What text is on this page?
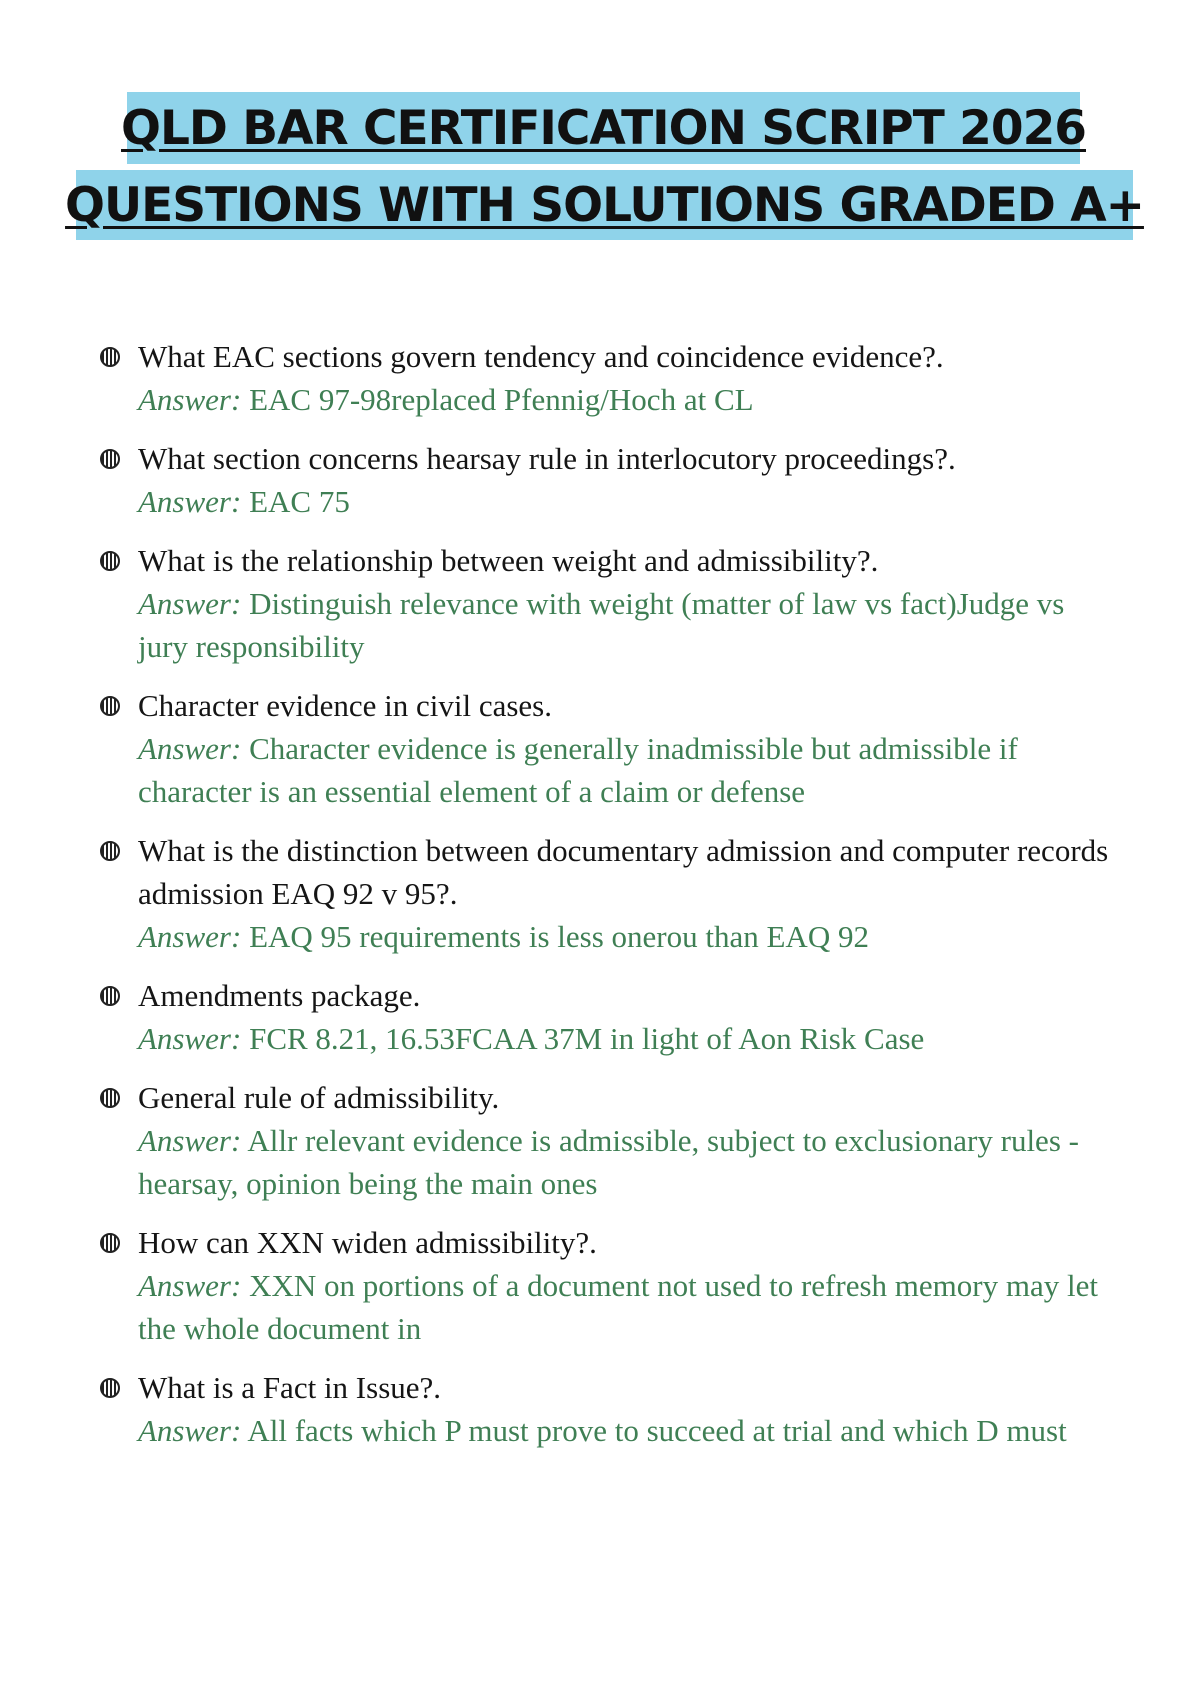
QLD BAR CERTIFICATION SCRIPT 2026
QUESTIONS WITH SOLUTIONS GRADED A+
What EAC sections govern tendency and coincidence evidence?.
Answer: EAC 97-98replaced Pfennig/Hoch at CL
What section concerns hearsay rule in interlocutory proceedings?.
Answer: EAC 75
What is the relationship between weight and admissibility?.
Answer: Distinguish relevance with weight (matter of law vs fact)Judge vs jury responsibility
Character evidence in civil cases.
Answer: Character evidence is generally inadmissible but admissible if character is an essential element of a claim or defense
What is the distinction between documentary admission and computer records admission EAQ 92 v 95?.
Answer: EAQ 95 requirements is less onerou than EAQ 92
Amendments package.
Answer: FCR 8.21, 16.53FCAA 37M in light of Aon Risk Case
General rule of admissibility.
Answer: Allr relevant evidence is admissible, subject to exclusionary rules - hearsay, opinion being the main ones
How can XXN widen admissibility?.
Answer: XXN on portions of a document not used to refresh memory may let the whole document in
What is a Fact in Issue?.
Answer: All facts which P must prove to succeed at trial and which D must
